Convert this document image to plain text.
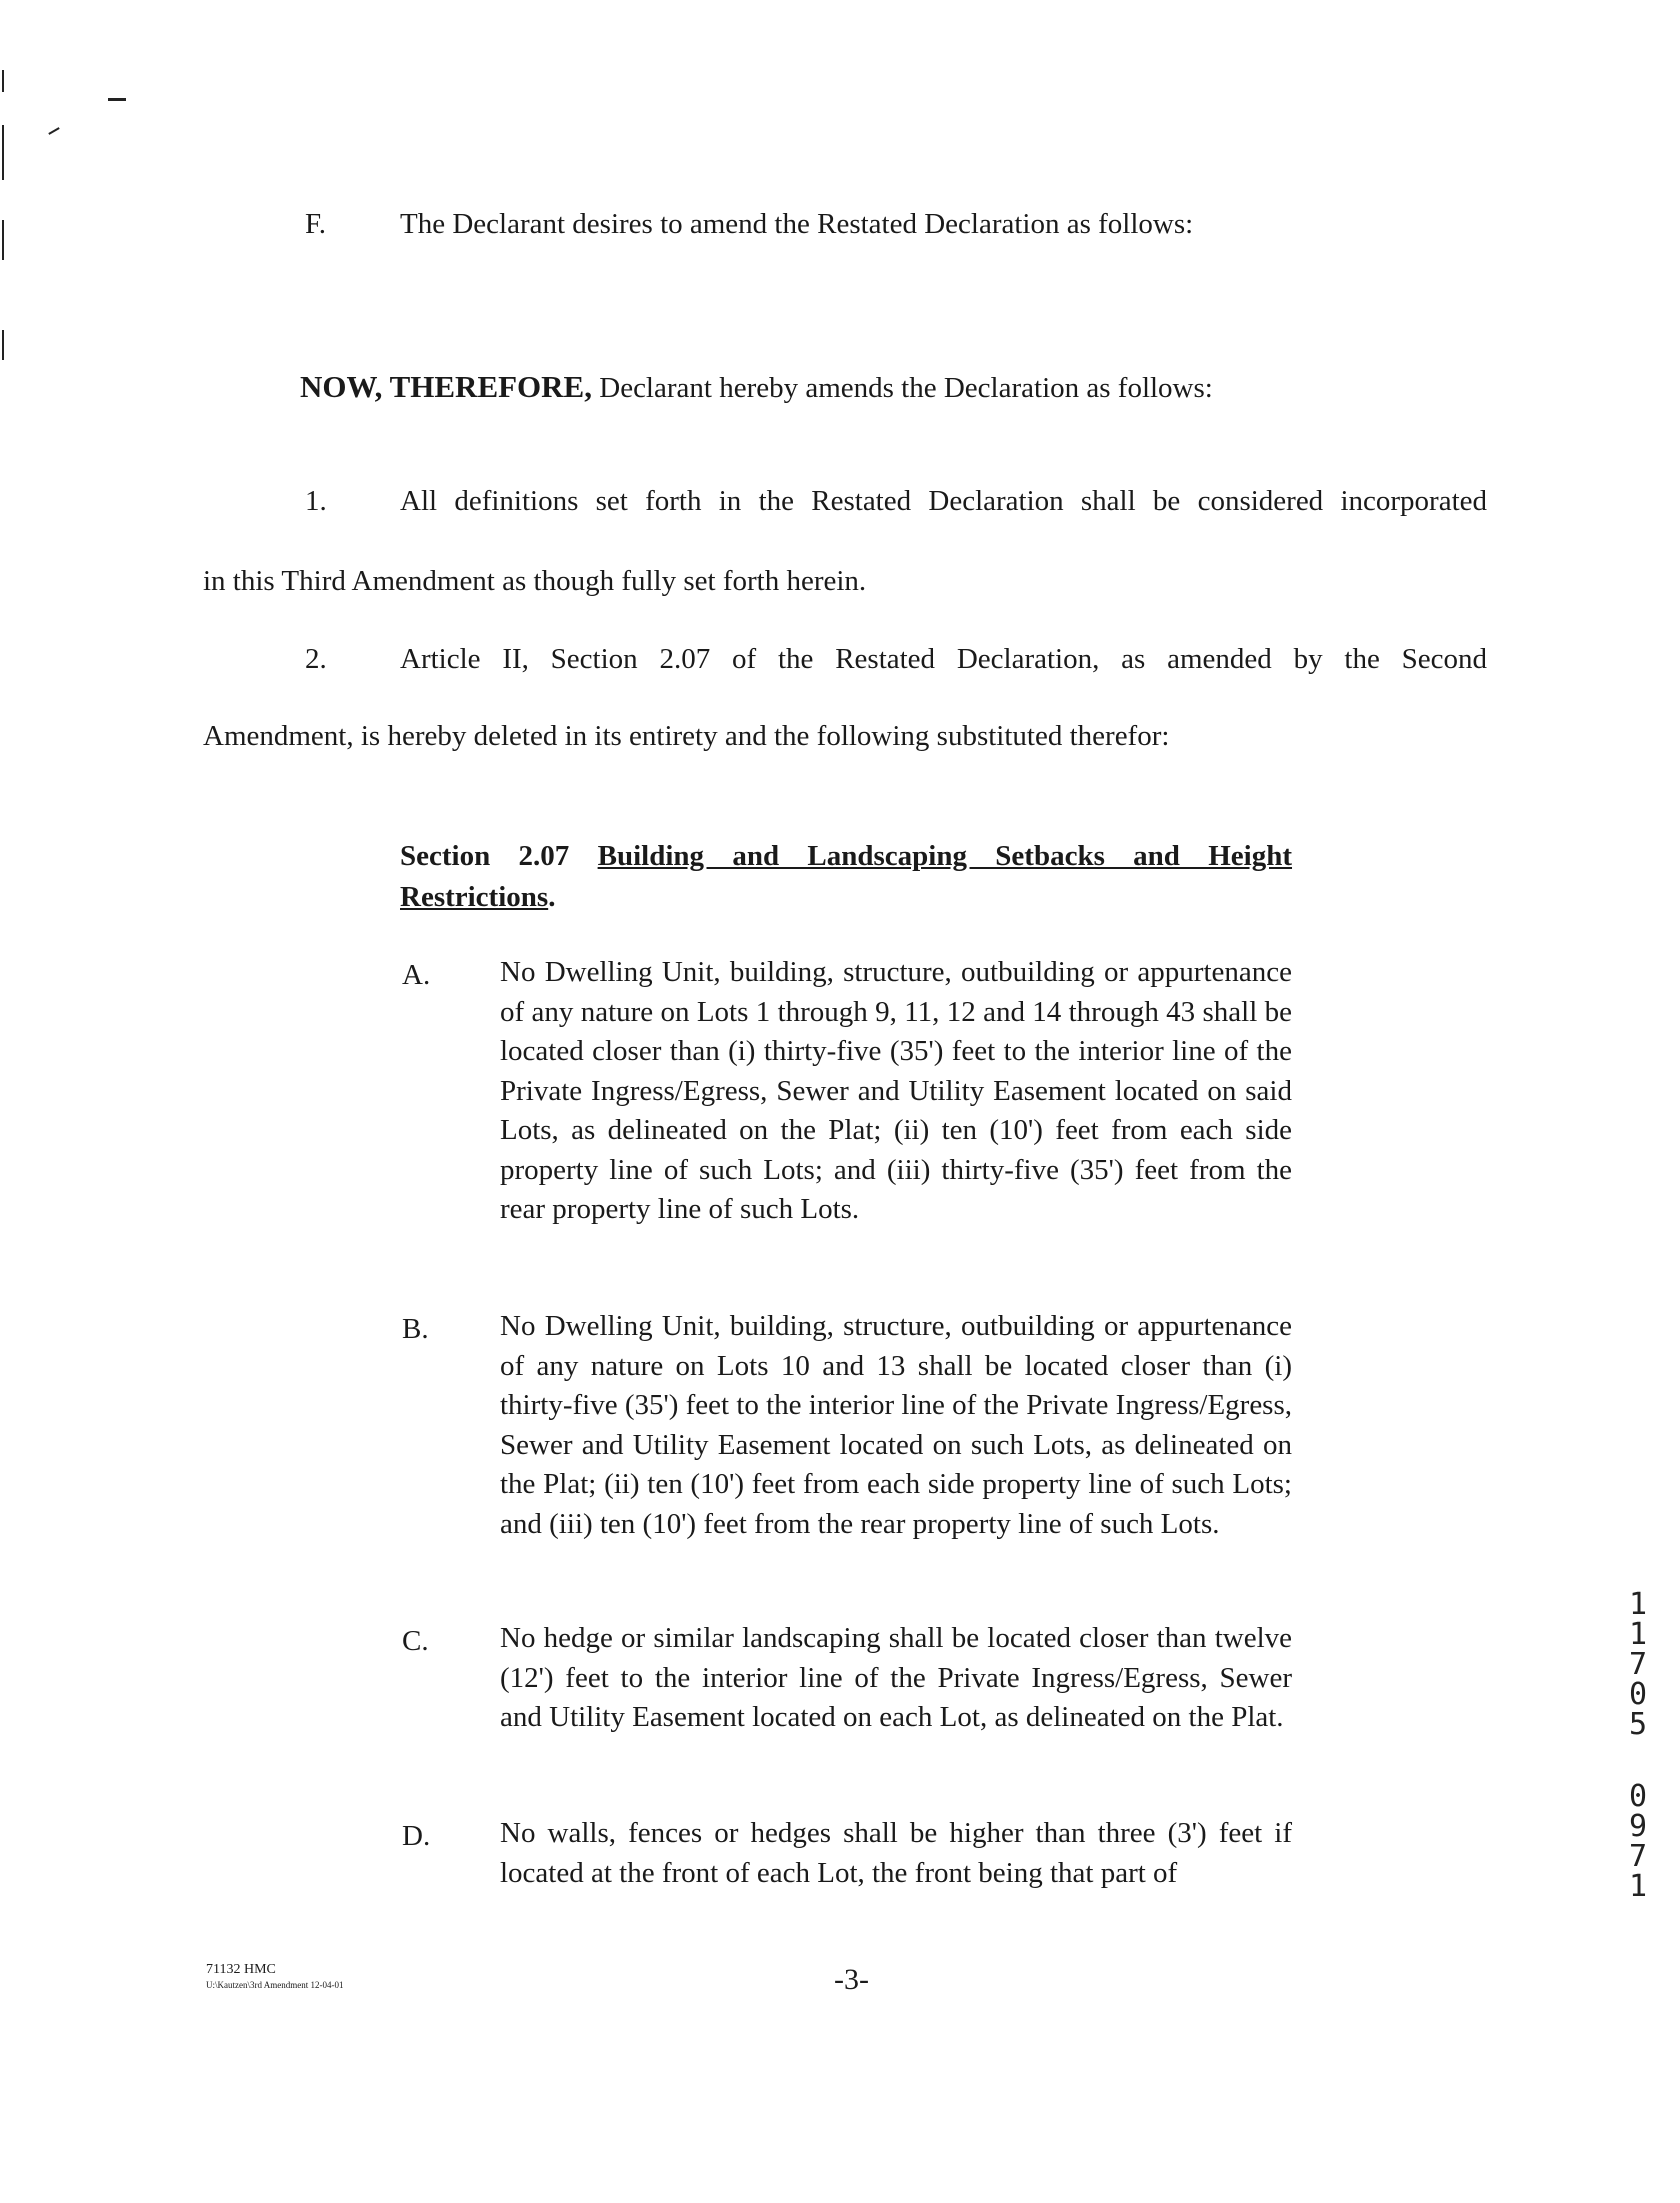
F.	The Declarant desires to amend the Restated Declaration as follows:
NOW, THEREFORE, Declarant hereby amends the Declaration as follows:
1.	All definitions set forth in the Restated Declaration shall be considered incorporated
in this Third Amendment as though fully set forth herein.
2.	Article II, Section 2.07 of the Restated Declaration, as amended by the Second
Amendment, is hereby deleted in its entirety and the following substituted therefor:
Section 2.07 Building and Landscaping Setbacks and Height Restrictions.
A. No Dwelling Unit, building, structure, outbuilding or appurtenance of any nature on Lots 1 through 9, 11, 12 and 14 through 43 shall be located closer than (i) thirty-five (35') feet to the interior line of the Private Ingress/Egress, Sewer and Utility Easement located on said Lots, as delineated on the Plat; (ii) ten (10') feet from each side property line of such Lots; and (iii) thirty-five (35') feet from the rear property line of such Lots.
B. No Dwelling Unit, building, structure, outbuilding or appurtenance of any nature on Lots 10 and 13 shall be located closer than (i) thirty-five (35') feet to the interior line of the Private Ingress/Egress, Sewer and Utility Easement located on such Lots, as delineated on the Plat; (ii) ten (10') feet from each side property line of such Lots; and (iii) ten (10') feet from the rear property line of such Lots.
C. No hedge or similar landscaping shall be located closer than twelve (12') feet to the interior line of the Private Ingress/Egress, Sewer and Utility Easement located on each Lot, as delineated on the Plat.
D. No walls, fences or hedges shall be higher than three (3') feet if located at the front of each Lot, the front being that part of
1
1
7
0
5
0
9
7
1
71132 HMC
U:\Kautzen\3rd Amendment 12-04-01	-3-
